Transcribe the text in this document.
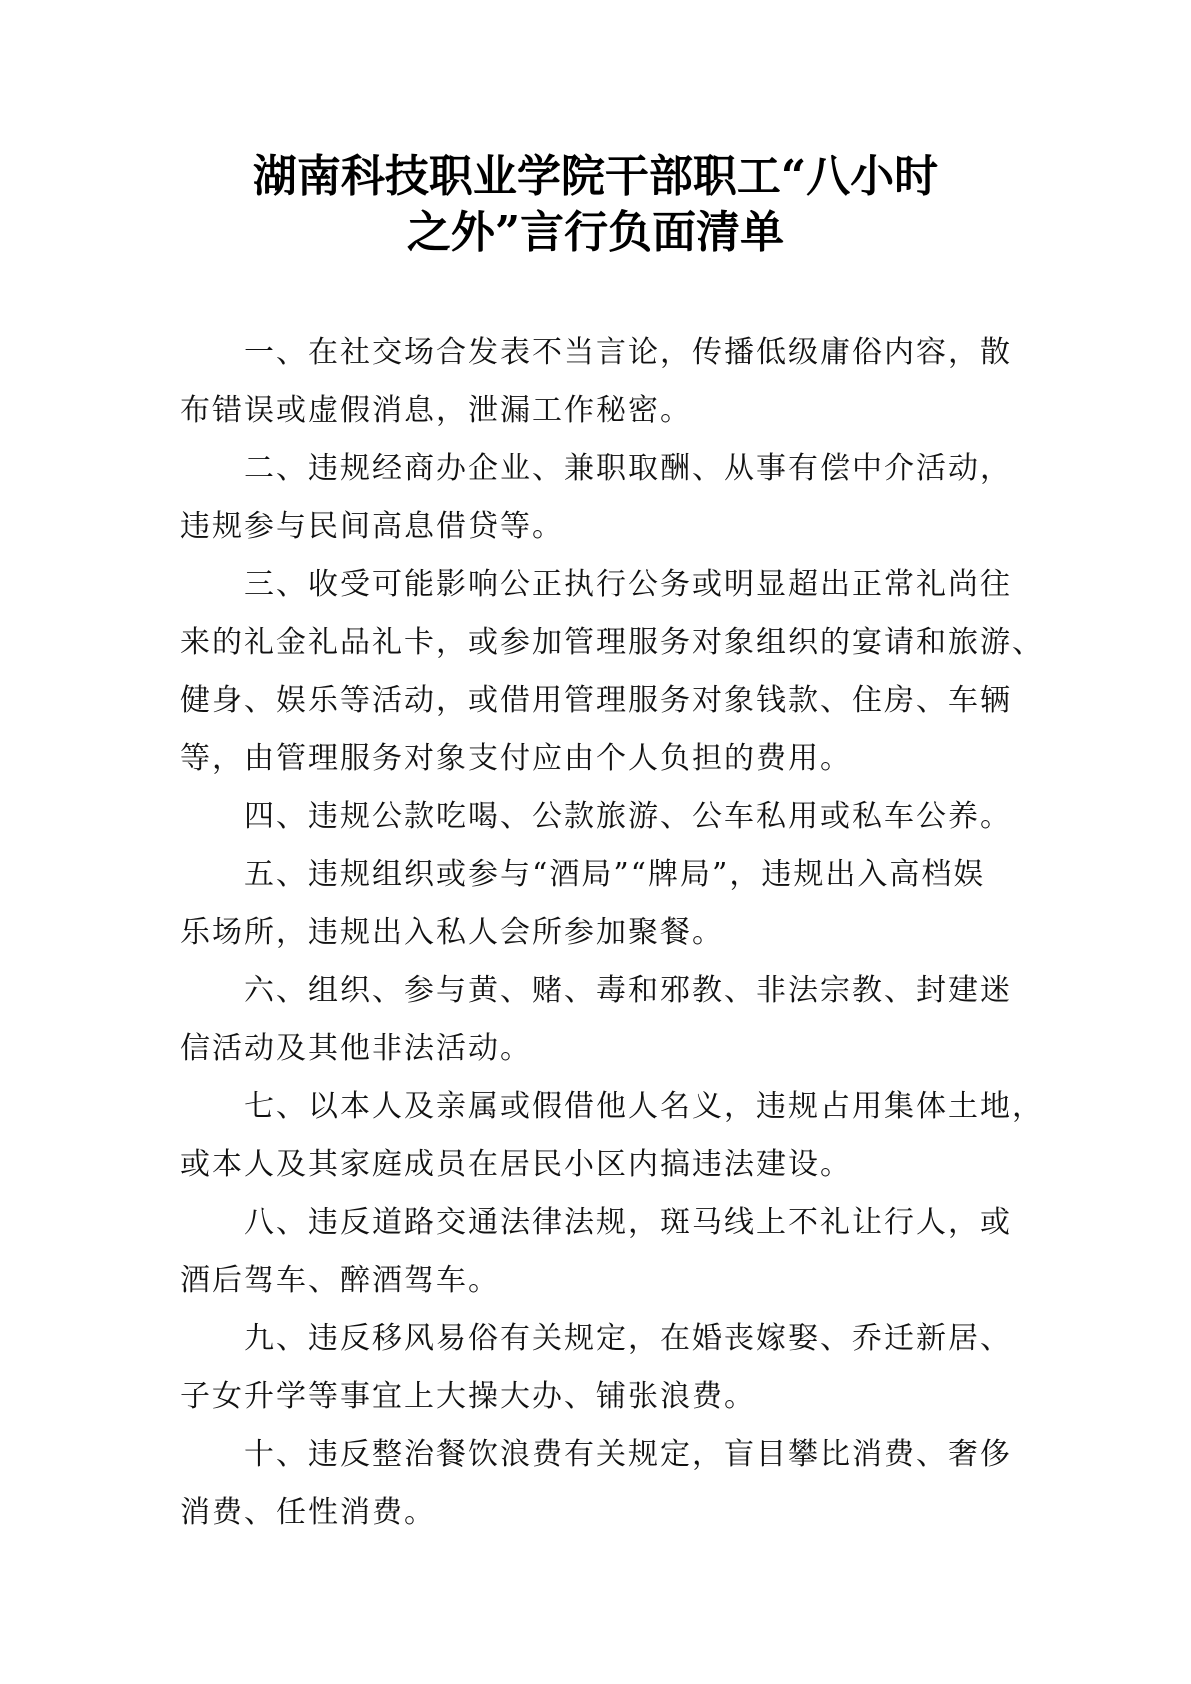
湖南科技职业学院干部职工“八小时
之外”言行负面清单
一、在社交场合发表不当言论，传播低级庸俗内容，散
布错误或虚假消息，泄漏工作秘密。
二、违规经商办企业、兼职取酬、从事有偿中介活动，
违规参与民间高息借贷等。
三、收受可能影响公正执行公务或明显超出正常礼尚往
来的礼金礼品礼卡，或参加管理服务对象组织的宴请和旅游、
健身、娱乐等活动，或借用管理服务对象钱款、住房、车辆
等，由管理服务对象支付应由个人负担的费用。
四、违规公款吃喝、公款旅游、公车私用或私车公养。
五、违规组织或参与“酒局”“牌局”，违规出入高档娱
乐场所，违规出入私人会所参加聚餐。
六、组织、参与黄、赌、毒和邪教、非法宗教、封建迷
信活动及其他非法活动。
七、以本人及亲属或假借他人名义，违规占用集体土地，
或本人及其家庭成员在居民小区内搞违法建设。
八、违反道路交通法律法规，斑马线上不礼让行人，或
酒后驾车、醉酒驾车。
九、违反移风易俗有关规定，在婚丧嫁娶、乔迁新居、
子女升学等事宜上大操大办、铺张浪费。
十、违反整治餐饮浪费有关规定，盲目攀比消费、奢侈
消费、任性消费。
